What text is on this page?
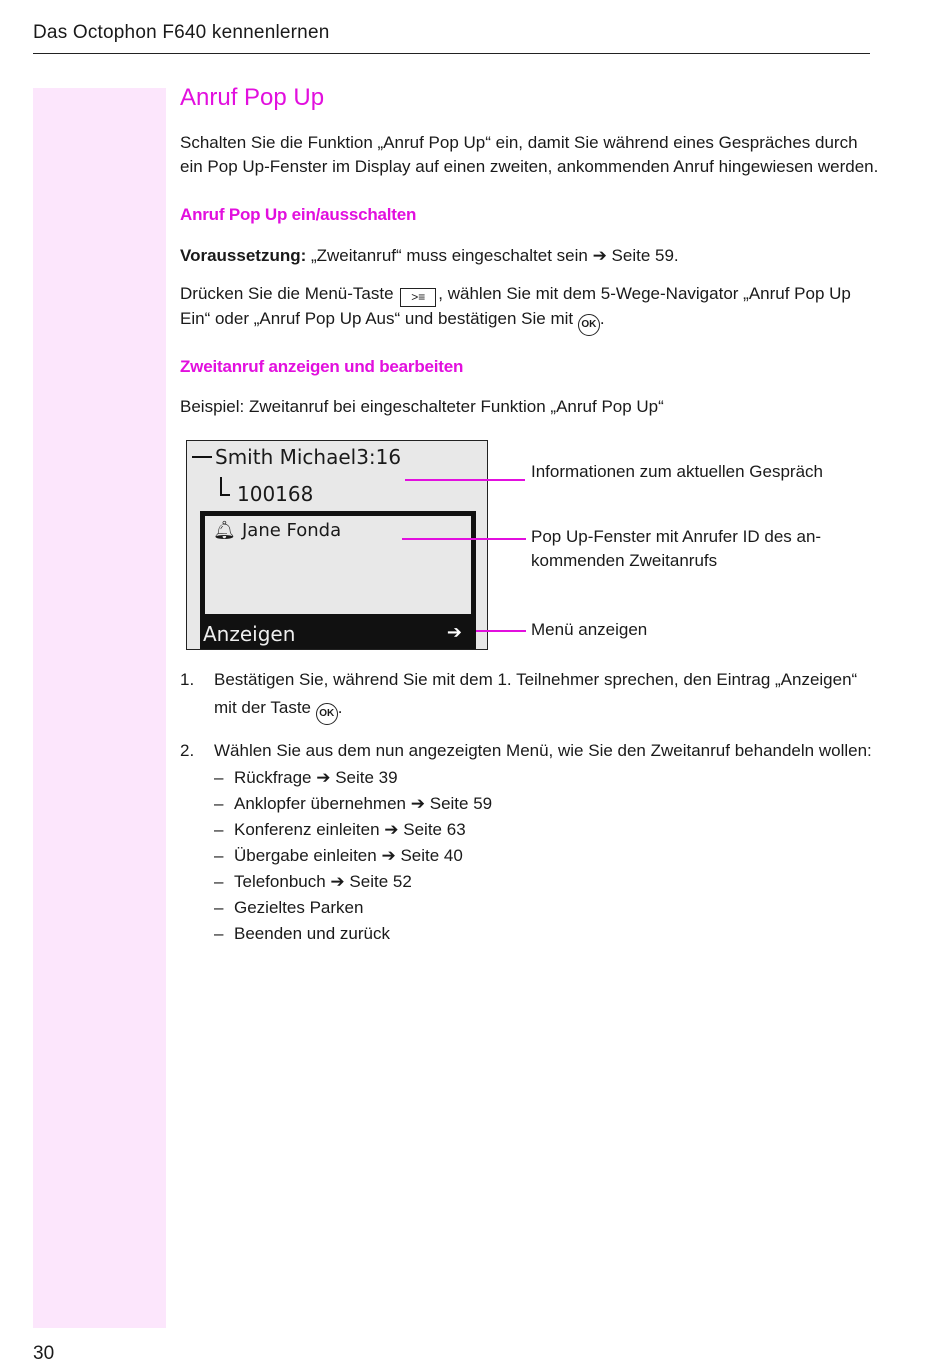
Das Octophon F640 kennenlernen
30
Anruf Pop Up

Schalten Sie die Funktion „Anruf Pop Up“ ein, damit Sie während eines Gespräches durch ein Pop Up-Fenster im Display auf einen zweiten, ankommenden Anruf hingewiesen werden.

Anruf Pop Up ein/ausschalten

Voraussetzung: „Zweitanruf“ muss eingeschaltet sein ➔ Seite 59.

Drücken Sie die Menü-Taste >≡ , wählen Sie mit dem 5-Wege-Navigator „Anruf Pop Up Ein“ oder „Anruf Pop Up Aus“ und bestätigen Sie mit OK .

Zweitanruf anzeigen und bearbeiten

Beispiel: Zweitanruf bei eingeschalteter Funktion „Anruf Pop Up“

Smith Michael3:16
100168
🔔︎ Jane Fonda
Anzeigen	➔
Informationen zum aktuellen Gespräch
Pop Up-Fenster mit Anrufer ID des an-kommenden Zweitanrufs
Menü anzeigen
1. Bestätigen Sie, während Sie mit dem 1. Teilnehmer sprechen, den Eintrag „Anzeigen“ mit der Taste OK .
2. Wählen Sie aus dem nun angezeigten Menü, wie Sie den Zweitanruf behandeln wollen:
– Rückfrage ➔ Seite 39
– Anklopfer übernehmen ➔ Seite 59
– Konferenz einleiten ➔ Seite 63
– Übergabe einleiten ➔ Seite 40
– Telefonbuch ➔ Seite 52
– Gezieltes Parken
– Beenden und zurück
